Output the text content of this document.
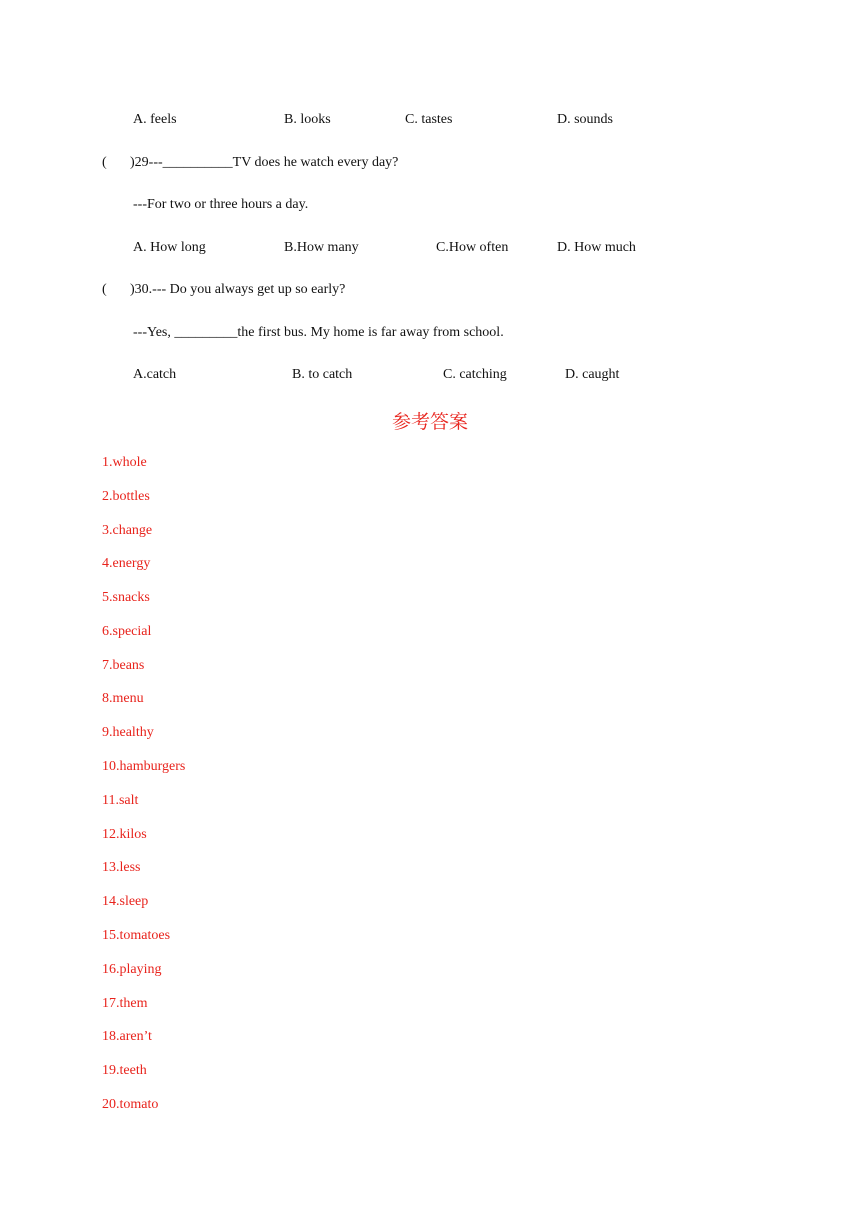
A. feels	B. looks	C. tastes	D. sounds
( )29---__________TV does he watch every day?
---For two or three hours a day.
A. How long	B.How many	C.How often	D. How much
( )30.--- Do you always get up so early?
---Yes, _________the first bus. My home is far away from school.
A.catch	B. to catch	C. catching	D. caught
参考答案
1.whole
2.bottles
3.change
4.energy
5.snacks
6.special
7.beans
8.menu
9.healthy
10.hamburgers
11.salt
12.kilos
13.less
14.sleep
15.tomatoes
16.playing
17.them
18.aren’t
19.teeth
20.tomato
